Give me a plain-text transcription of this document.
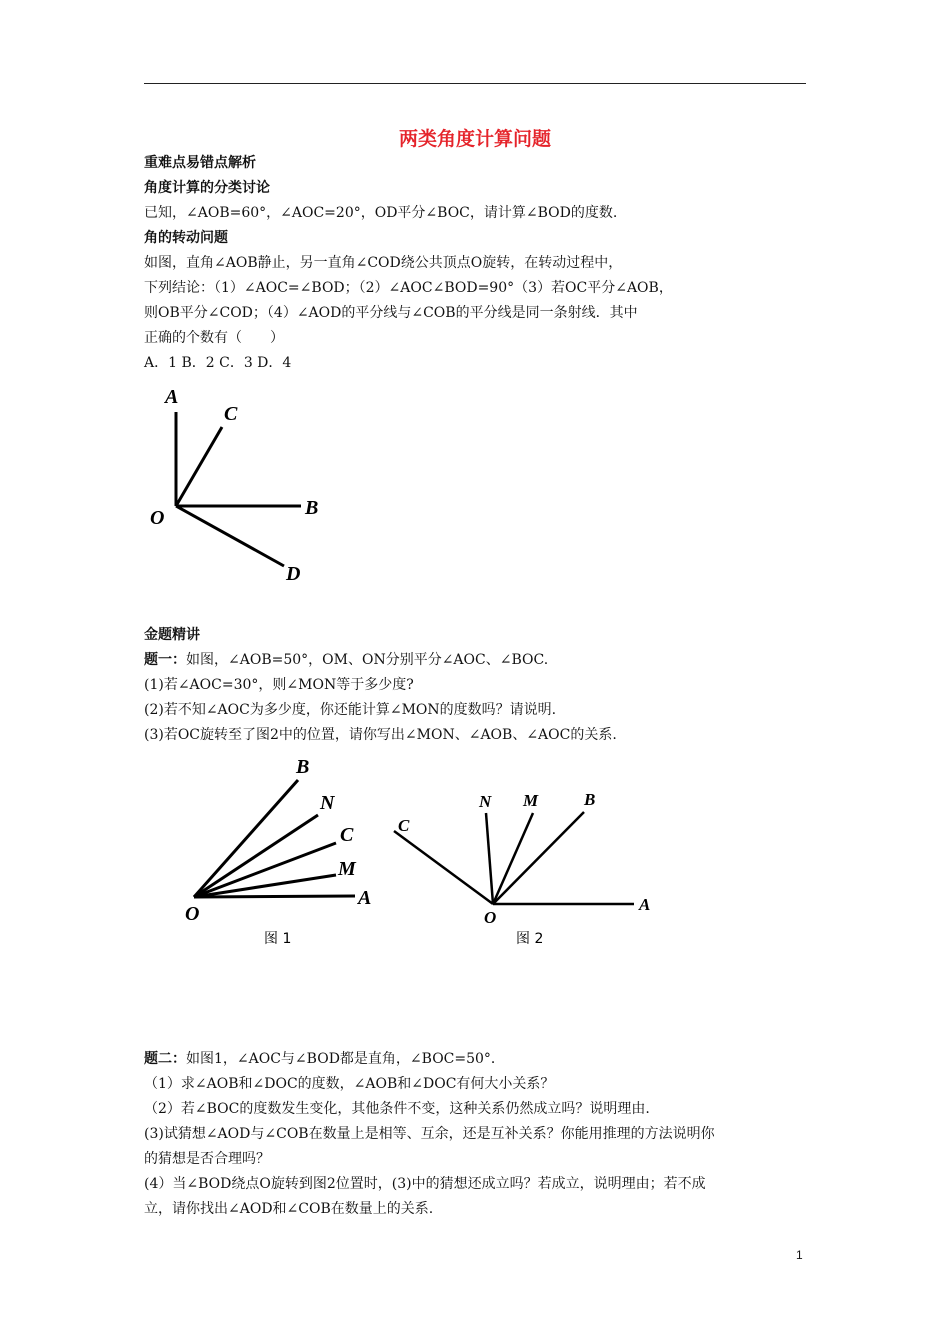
两类角度计算问题
重难点易错点解析
角度计算的分类讨论
已知，∠AOB=60°，∠AOC=20°，OD平分∠BOC，请计算∠BOD的度数.
角的转动问题
如图，直角∠AOB静止，另一直角∠COD绕公共顶点O旋转，在转动过程中，
下列结论：（1）∠AOC=∠BOD；（2）∠AOC∠BOD=90°（3）若OC平分∠AOB，
则OB平分∠COD；（4）∠AOD的平分线与∠COB的平分线是同一条射线．其中
正确的个数有（　　）
A．1 B．2 C．3 D．4
A
C
O	B
D
B
N
C
M
A
O
C
N M	B
O
A
图 1	图 2
金题精讲
题一：如图，∠AOB=50°，OM、ON分别平分∠AOC、∠BOC.
(1)若∠AOC=30°，则∠MON等于多少度?
(2)若不知∠AOC为多少度，你还能计算∠MON的度数吗？请说明.
(3)若OC旋转至了图2中的位置，请你写出∠MON、∠AOB、∠AOC的关系.
题二：如图1，∠AOC与∠BOD都是直角，∠BOC=50°．
（1）求∠AOB和∠DOC的度数，∠AOB和∠DOC有何大小关系？
（2）若∠BOC的度数发生变化，其他条件不变，这种关系仍然成立吗？说明理由.
(3)试猜想∠AOD与∠COB在数量上是相等、互余，还是互补关系？你能用推理的方法说明你
的猜想是否合理吗？
(4）当∠BOD绕点O旋转到图2位置时，(3)中的猜想还成立吗？若成立，说明理由；若不成
立，请你找出∠AOD和∠COB在数量上的关系.
1
